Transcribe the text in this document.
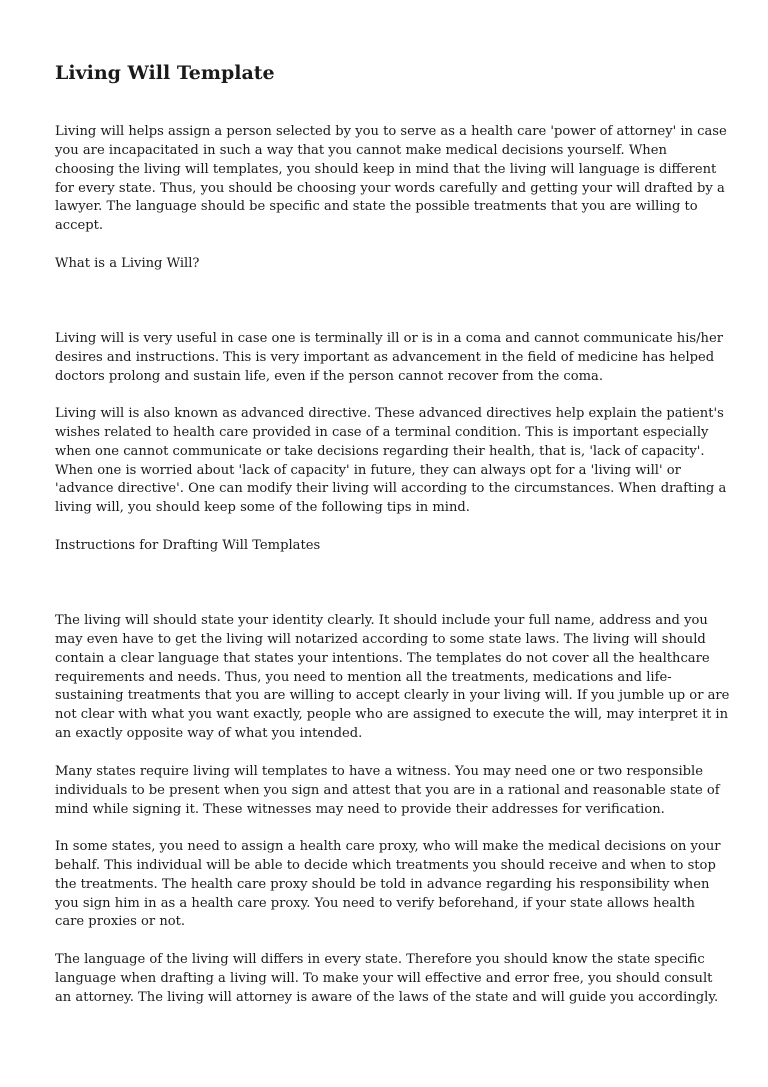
Living Will Template
Living will helps assign a person selected by you to serve as a health care 'power of attorney' in case
you are incapacitated in such a way that you cannot make medical decisions yourself. When
choosing the living will templates, you should keep in mind that the living will language is different
for every state. Thus, you should be choosing your words carefully and getting your will drafted by a
lawyer. The language should be specific and state the possible treatments that you are willing to
accept.
What is a Living Will?
Living will is very useful in case one is terminally ill or is in a coma and cannot communicate his/her
desires and instructions. This is very important as advancement in the field of medicine has helped
doctors prolong and sustain life, even if the person cannot recover from the coma.
Living will is also known as advanced directive. These advanced directives help explain the patient's
wishes related to health care provided in case of a terminal condition. This is important especially
when one cannot communicate or take decisions regarding their health, that is, 'lack of capacity'.
When one is worried about 'lack of capacity' in future, they can always opt for a 'living will' or
'advance directive'. One can modify their living will according to the circumstances. When drafting a
living will, you should keep some of the following tips in mind.
Instructions for Drafting Will Templates
The living will should state your identity clearly. It should include your full name, address and you
may even have to get the living will notarized according to some state laws. The living will should
contain a clear language that states your intentions. The templates do not cover all the healthcare
requirements and needs. Thus, you need to mention all the treatments, medications and life-
sustaining treatments that you are willing to accept clearly in your living will. If you jumble up or are
not clear with what you want exactly, people who are assigned to execute the will, may interpret it in
an exactly opposite way of what you intended.
Many states require living will templates to have a witness. You may need one or two responsible
individuals to be present when you sign and attest that you are in a rational and reasonable state of
mind while signing it. These witnesses may need to provide their addresses for verification.
In some states, you need to assign a health care proxy, who will make the medical decisions on your
behalf. This individual will be able to decide which treatments you should receive and when to stop
the treatments. The health care proxy should be told in advance regarding his responsibility when
you sign him in as a health care proxy. You need to verify beforehand, if your state allows health
care proxies or not.
The language of the living will differs in every state. Therefore you should know the state specific
language when drafting a living will. To make your will effective and error free, you should consult
an attorney. The living will attorney is aware of the laws of the state and will guide you accordingly.
